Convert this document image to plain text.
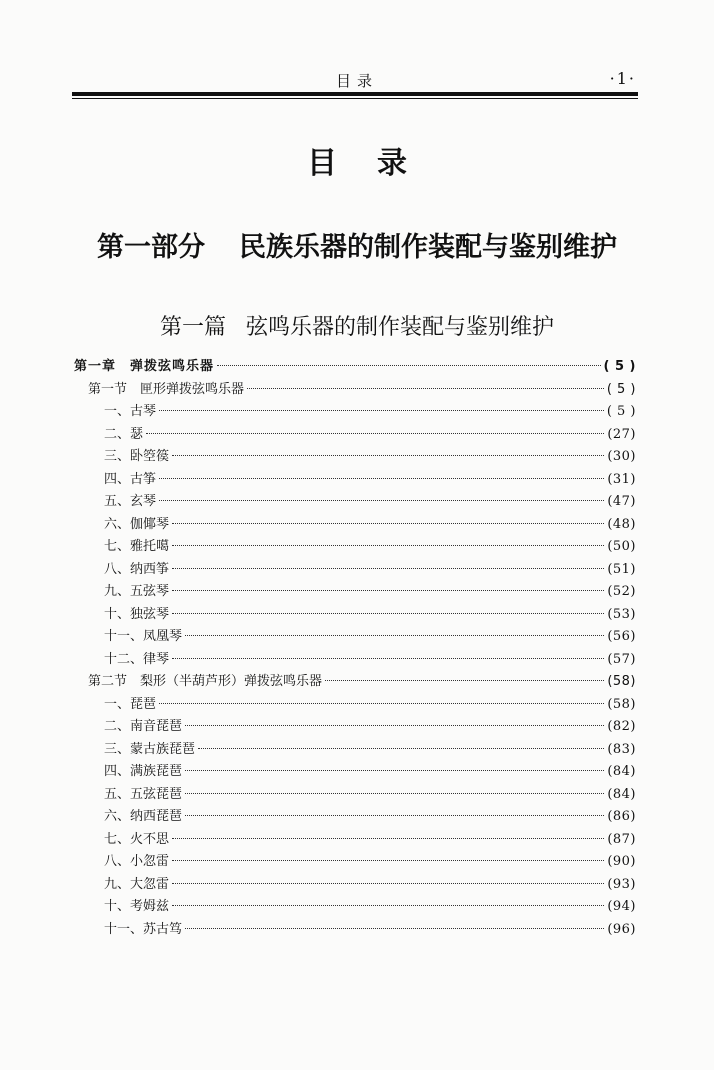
目录	·1·
目录
第一部分 民族乐器的制作装配与鉴别维护
第一篇 弦鸣乐器的制作装配与鉴别维护
第一章　弹拨弦鸣乐器	( 5 )
第一节　匣形弹拨弦鸣乐器	( 5 )
一、古琴	( 5 )
二、瑟	(27)
三、卧箜篌	(30)
四、古筝	(31)
五、玄琴	(47)
六、伽倻琴	(48)
七、雅托噶	(50)
八、纳西筝	(51)
九、五弦琴	(52)
十、独弦琴	(53)
十一、凤凰琴	(56)
十二、律琴	(57)
第二节　梨形（半葫芦形）弹拨弦鸣乐器	(58)
一、琵琶	(58)
二、南音琵琶	(82)
三、蒙古族琵琶	(83)
四、满族琵琶	(84)
五、五弦琵琶	(84)
六、纳西琵琶	(86)
七、火不思	(87)
八、小忽雷	(90)
九、大忽雷	(93)
十、考姆兹	(94)
十一、苏古笃	(96)
